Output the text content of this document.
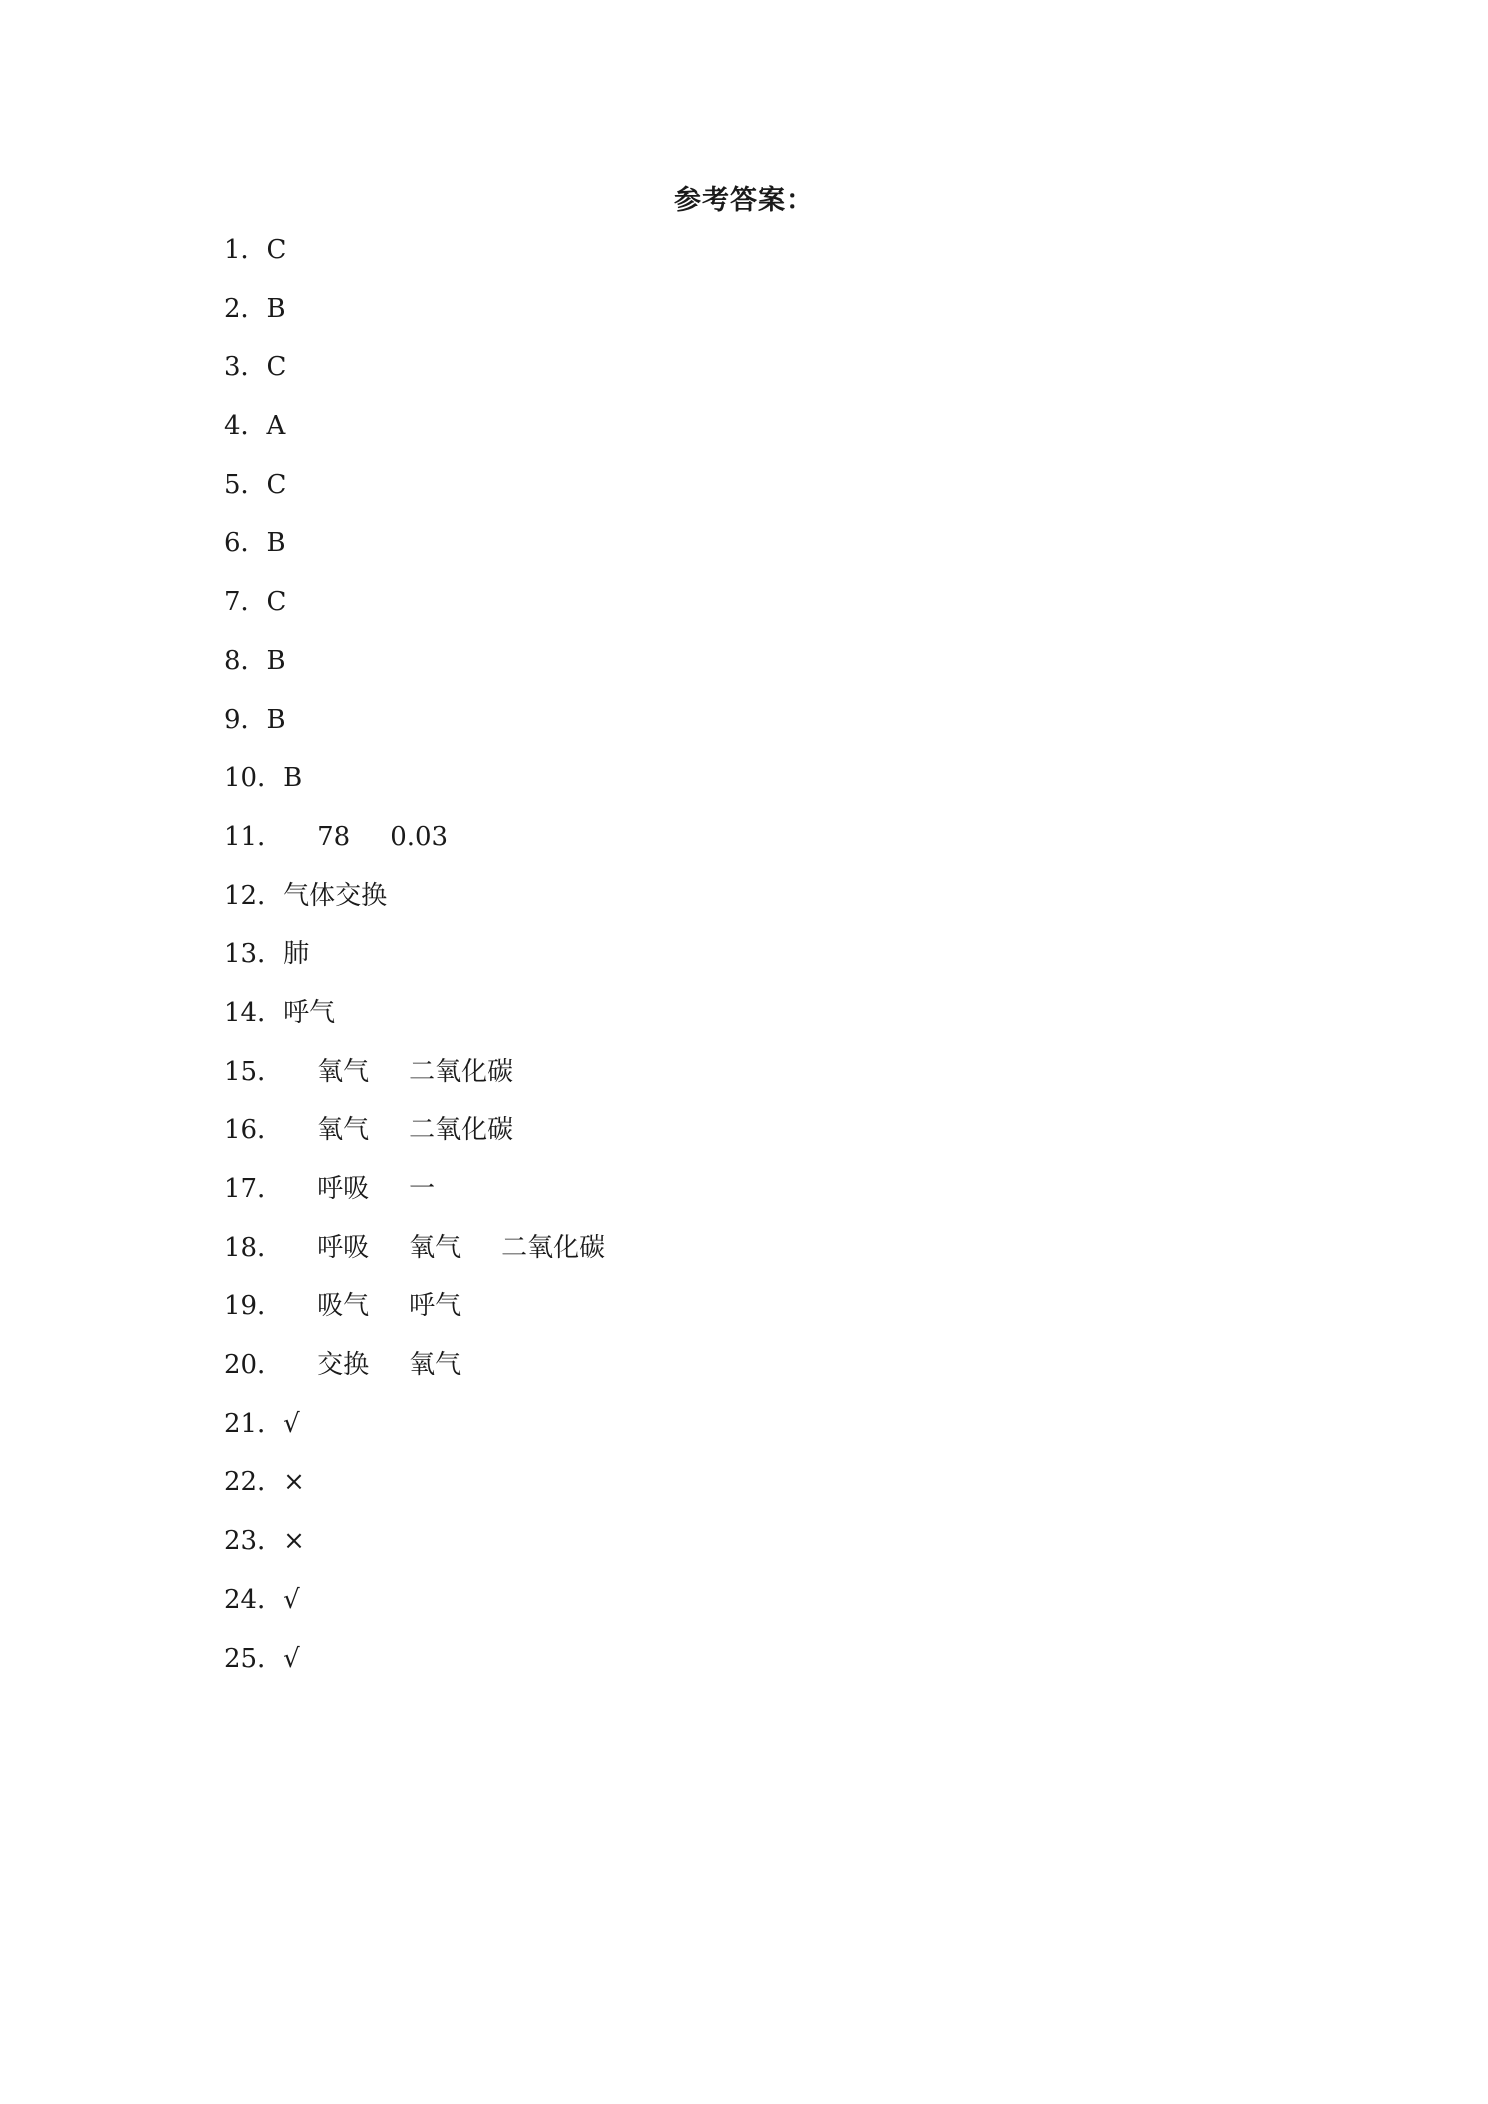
参考答案：
1．C
2．B
3．C
4．A
5．C
6．B
7．C
8．B
9．B
10．B
11． 78 0.03
12．气体交换
13．肺
14．呼气
15． 氧气 二氧化碳
16． 氧气 二氧化碳
17． 呼吸 一
18． 呼吸 氧气 二氧化碳
19． 吸气 呼气
20． 交换 氧气
21．√
22．×
23．×
24．√
25．√
